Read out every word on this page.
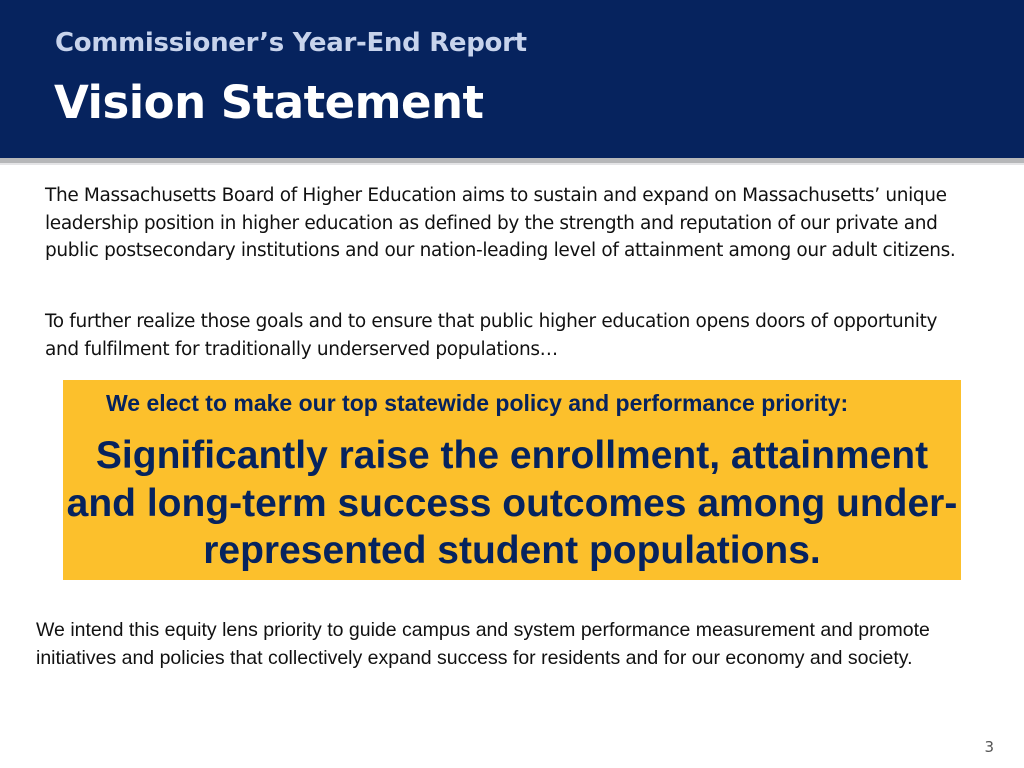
Commissioner’s Year-End Report
Vision Statement

The Massachusetts Board of Higher Education aims to sustain and expand on Massachusetts’ unique leadership position in higher education as defined by the strength and reputation of our private and public postsecondary institutions and our nation-leading level of attainment among our adult citizens.

To further realize those goals and to ensure that public higher education opens doors of opportunity and fulfilment for traditionally underserved populations…

We elect to make our top statewide policy and performance priority:

Significantly raise the enrollment, attainment and long-term success outcomes among under-represented student populations.

We intend this equity lens priority to guide campus and system performance measurement and promote initiatives and policies that collectively expand success for residents and for our economy and society.

3
